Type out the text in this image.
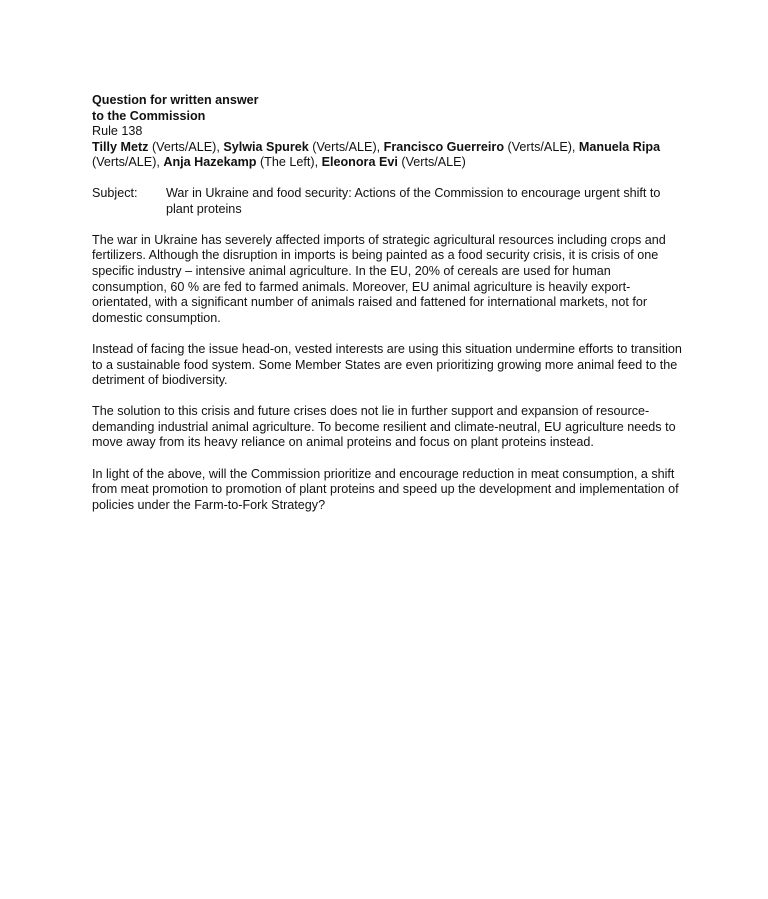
Question for written answer
to the Commission
Rule 138
Tilly Metz (Verts/ALE), Sylwia Spurek (Verts/ALE), Francisco Guerreiro (Verts/ALE), Manuela Ripa (Verts/ALE), Anja Hazekamp (The Left), Eleonora Evi (Verts/ALE)
Subject:	War in Ukraine and food security: Actions of the Commission to encourage urgent shift to plant proteins

The war in Ukraine has severely affected imports of strategic agricultural resources including crops and fertilizers. Although the disruption in imports is being painted as a food security crisis, it is crisis of one specific industry – intensive animal agriculture. In the EU, 20% of cereals are used for human consumption, 60 % are fed to farmed animals. Moreover, EU animal agriculture is heavily export-orientated, with a significant number of animals raised and fattened for international markets, not for domestic consumption.

Instead of facing the issue head-on, vested interests are using this situation undermine efforts to transition to a sustainable food system. Some Member States are even prioritizing growing more animal feed to the detriment of biodiversity.

The solution to this crisis and future crises does not lie in further support and expansion of resource-demanding industrial animal agriculture. To become resilient and climate-neutral, EU agriculture needs to move away from its heavy reliance on animal proteins and focus on plant proteins instead.

In light of the above, will the Commission prioritize and encourage reduction in meat consumption, a shift from meat promotion to promotion of plant proteins and speed up the development and implementation of policies under the Farm-to-Fork Strategy?
